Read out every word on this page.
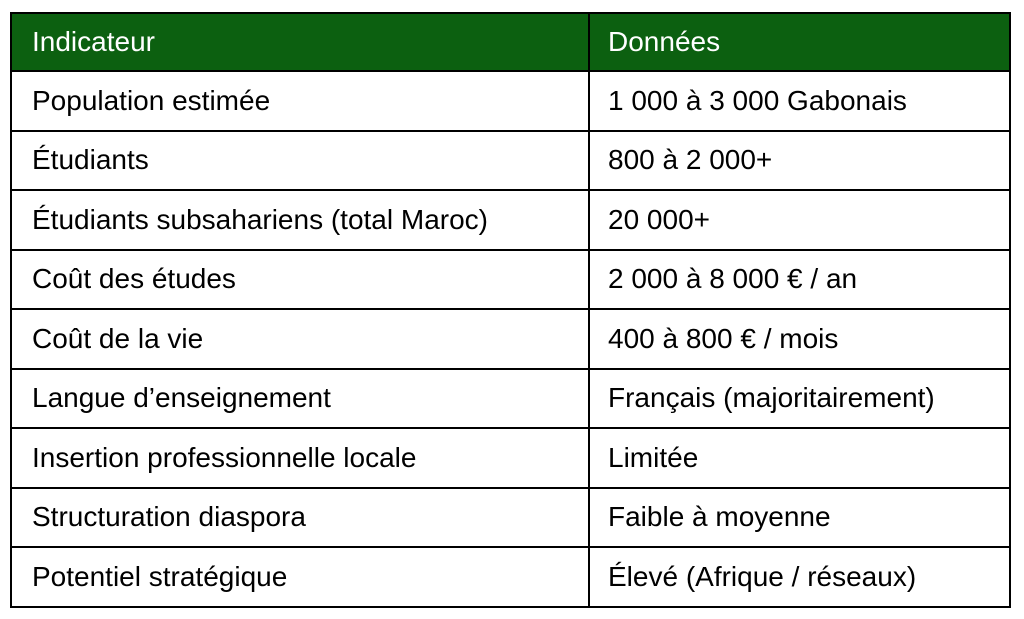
Indicateur	Données
Population estimée	1 000 à 3 000 Gabonais
Étudiants	800 à 2 000+
Étudiants subsahariens (total Maroc)	20 000+
Coût des études	2 000 à 8 000 € / an
Coût de la vie	400 à 800 € / mois
Langue d’enseignement	Français (majoritairement)
Insertion professionnelle locale	Limitée
Structuration diaspora	Faible à moyenne
Potentiel stratégique	Élevé (Afrique / réseaux)
